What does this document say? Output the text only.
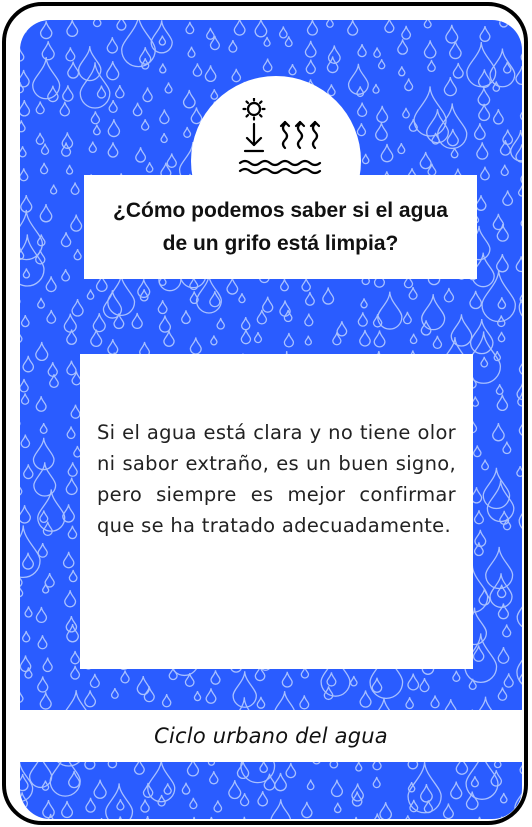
¿Cómo podemos saber si el agua de un grifo está limpia?

Si el agua está clara y no tiene olor ni sabor extraño, es un buen signo, pero siempre es mejor confirmar que se ha tratado adecuadamente.

Ciclo urbano del agua
